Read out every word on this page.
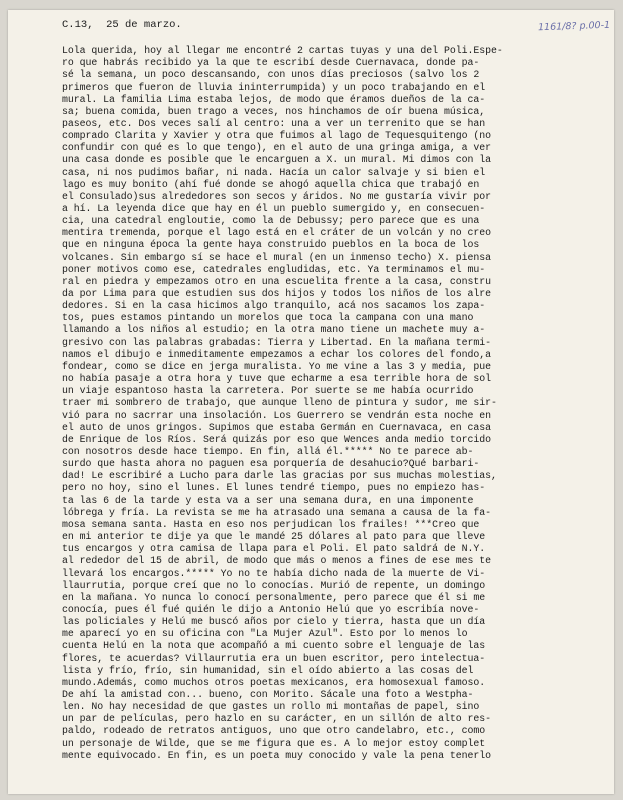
1161/8? p.00-1
C.13,  25 de marzo.
Lola querida, hoy al llegar me encontré 2 cartas tuyas y una del Poli.Espe-
ro que habrás recibido ya la que te escribí desde Cuernavaca, donde pa-
sé la semana, un poco descansando, con unos días preciosos (salvo los 2
primeros que fueron de lluvia ininterrumpida) y un poco trabajando en el
mural. La familia Lima estaba lejos, de modo que éramos dueños de la ca-
sa; buena comida, buen trago a veces, nos hinchamos de oír buena música,
paseos, etc. Dos veces salí al centro: una a ver un terrenito que se han
comprado Clarita y Xavier y otra que fuimos al lago de Tequesquitengo (no
confundir con qué es lo que tengo), en el auto de una gringa amiga, a ver
una casa donde es posible que le encarguen a X. un mural. Mi dimos con la
casa, ni nos pudimos bañar, ni nada. Hacía un calor salvaje y si bien el
lago es muy bonito (ahí fué donde se ahogó aquella chica que trabajó en
el Consulado)sus alrededores son secos y áridos. No me gustaría vivir por
a hí. La leyenda dice que hay en él un pueblo sumergido y, en consecuen-
cia, una catedral engloutie, como la de Debussy; pero parece que es una
mentira tremenda, porque el lago está en el cráter de un volcán y no creo
que en ninguna época la gente haya construido pueblos en la boca de los
volcanes. Sin embargo sí se hace el mural (en un inmenso techo) X. piensa
poner motivos como ese, catedrales engludidas, etc. Ya terminamos el mu-
ral en piedra y empezamos otro en una escuelita frente a la casa, constru
da por Lima para que estudien sus dos hijos y todos los niños de los alre
dedores. Si en la casa hicimos algo tranquilo, acá nos sacamos los zapa-
tos, pues estamos pintando un morelos que toca la campana con una mano
llamando a los niños al estudio; en la otra mano tiene un machete muy a-
gresivo con las palabras grabadas: Tierra y Libertad. En la mañana termi-
namos el dibujo e inmeditamente empezamos a echar los colores del fondo,a
fondear, como se dice en jerga muralista. Yo me vine a las 3 y media, pue
no había pasaje a otra hora y tuve que echarme a esa terrible hora de sol
un viaje espantoso hasta la carretera. Por suerte se me había ocurrido
traer mi sombrero de trabajo, que aunque lleno de pintura y sudor, me sir-
vió para no sacrrar una insolación. Los Guerrero se vendrán esta noche en
el auto de unos gringos. Supimos que estaba Germán en Cuernavaca, en casa
de Enrique de los Ríos. Será quizás por eso que Wences anda medio torcido
con nosotros desde hace tiempo. En fin, allá él.***** No te parece ab-
surdo que hasta ahora no paguen esa porquería de desahucio?Qué barbari-
dad! Le escribiré a Lucho para darle las gracias por sus muchas molestias,
pero no hoy, sino el lunes. El lunes tendré tiempo, pues no empiezo has-
ta las 6 de la tarde y esta va a ser una semana dura, en una imponente
lóbrega y fría. La revista se me ha atrasado una semana a causa de la fa-
mosa semana santa. Hasta en eso nos perjudican los frailes! ***Creo que
en mi anterior te dije ya que le mandé 25 dólares al pato para que lleve
tus encargos y otra camisa de llapa para el Poli. El pato saldrá de N.Y.
al rededor del 15 de abril, de modo que más o menos a fines de ese mes te
llevará los encargos.***** Yo no te había dicho nada de la muerte de Vi-
llaurrutia, porque creí que no lo conocías. Murió de repente, un domingo
en la mañana. Yo nunca lo conocí personalmente, pero parece que él si me
conocía, pues él fué quién le dijo a Antonio Helú que yo escribía nove-
las policiales y Helú me buscó años por cielo y tierra, hasta que un día
me aparecí yo en su oficina con "La Mujer Azul". Esto por lo menos lo
cuenta Helú en la nota que acompañó a mi cuento sobre el lenguaje de las
flores, te acuerdas? Villaurrutia era un buen escritor, pero intelectua-
lista y frío, frío, sin humanidad, sin el oído abierto a las cosas del
mundo.Además, como muchos otros poetas mexicanos, era homosexual famoso.
De ahí la amistad con... bueno, con Morito. Sácale una foto a Westpha-
len. No hay necesidad de que gastes un rollo mi montañas de papel, sino
un par de películas, pero hazlo en su carácter, en un sillón de alto res-
paldo, rodeado de retratos antiguos, uno que otro candelabro, etc., como
un personaje de Wilde, que se me figura que es. A lo mejor estoy complet
mente equivocado. En fin, es un poeta muy conocido y vale la pena tenerlo
